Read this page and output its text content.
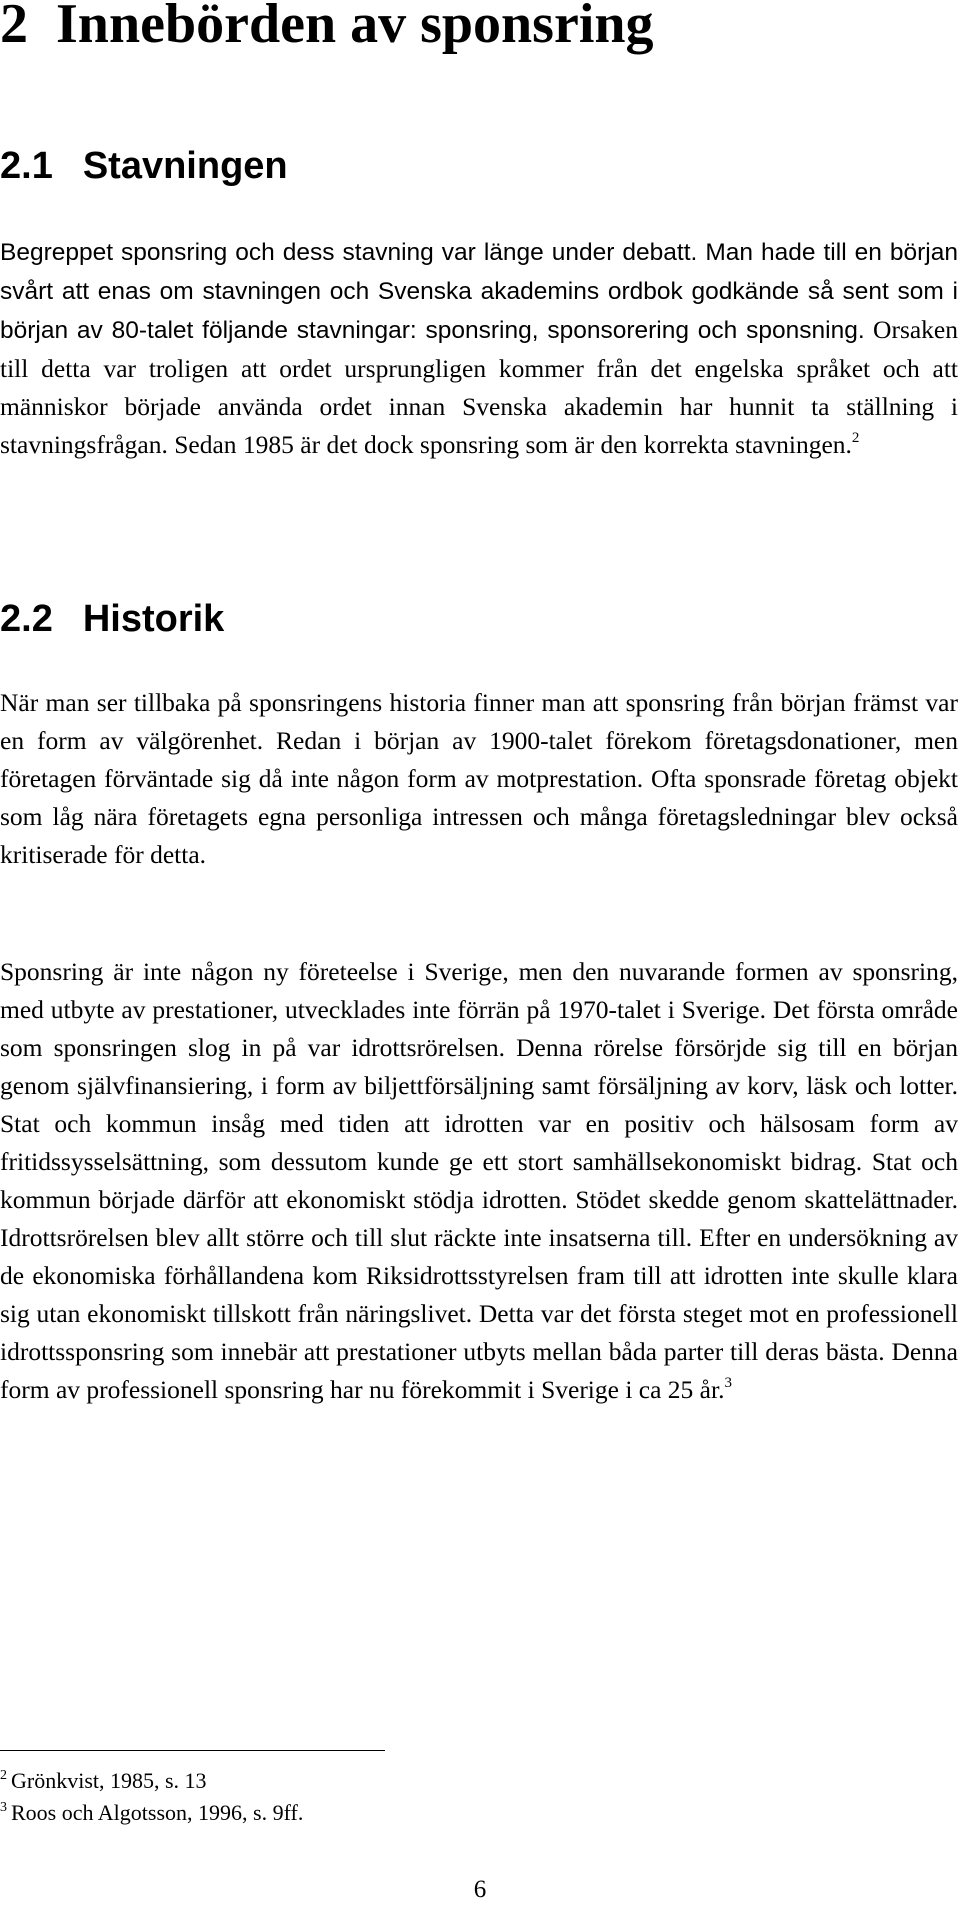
2 Innebörden av sponsring
2.1 Stavningen

Begreppet sponsring och dess stavning var länge under debatt. Man hade till en början svårt att enas om stavningen och Svenska akademins ordbok godkände så sent som i början av 80-talet följande stavningar: sponsring, sponsorering och sponsning. Orsaken till detta var troligen att ordet ursprungligen kommer från det engelska språket och att människor började använda ordet innan Svenska akademin har hunnit ta ställning i stavningsfrågan. Sedan 1985 är det dock sponsring som är den korrekta stavningen.$^2$

2.2 Historik

När man ser tillbaka på sponsringens historia finner man att sponsring från början främst var en form av välgörenhet. Redan i början av 1900-talet förekom företagsdonationer, men företagen förväntade sig då inte någon form av motprestation. Ofta sponsrade företag objekt som låg nära företagets egna personliga intressen och många företagsledningar blev också kritiserade för detta.

Sponsring är inte någon ny företeelse i Sverige, men den nuvarande formen av sponsring, med utbyte av prestationer, utvecklades inte förrän på 1970-talet i Sverige. Det första område som sponsringen slog in på var idrottsrörelsen. Denna rörelse försörjde sig till en början genom självfinansiering, i form av biljettförsäljning samt försäljning av korv, läsk och lotter. Stat och kommun insåg med tiden att idrotten var en positiv och hälsosam form av fritidssysselsättning, som dessutom kunde ge ett stort samhällsekonomiskt bidrag. Stat och kommun började därför att ekonomiskt stödja idrotten. Stödet skedde genom skattelättnader. Idrottsrörelsen blev allt större och till slut räckte inte insatserna till. Efter en undersökning av de ekonomiska förhållandena kom Riksidrottsstyrelsen fram till att idrotten inte skulle klara sig utan ekonomiskt tillskott från näringslivet. Detta var det första steget mot en professionell idrottssponsring som innebär att prestationer utbyts mellan båda parter till deras bästa. Denna form av professionell sponsring har nu förekommit i Sverige i ca 25 år.$^3$

$^2$ Grönkvist, 1985, s. 13

$^3$ Roos och Algotsson, 1996, s. 9ff.

6
